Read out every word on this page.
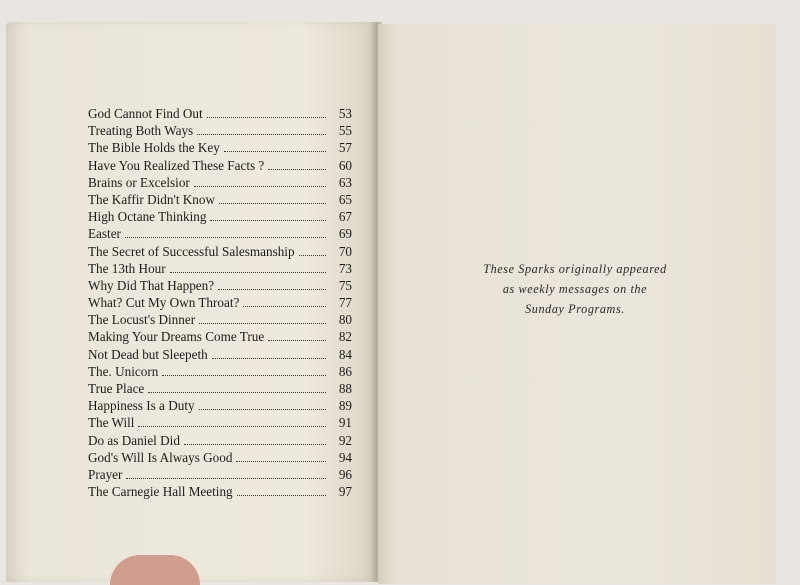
God Cannot Find Out	53
Treating Both Ways	55
The Bible Holds the Key	57
Have You Realized These Facts ?	60
Brains or Excelsior	63
The Kaffir Didn't Know	65
High Octane Thinking	67
Easter	69
The Secret of Successful Salesmanship	70
The 13th Hour	73
Why Did That Happen?	75
What? Cut My Own Throat?	77
The Locust's Dinner	80
Making Your Dreams Come True	82
Not Dead but Sleepeth	84
The. Unicorn	86
True Place	88
Happiness Is a Duty	89
The Will	91
Do as Daniel Did	92
God's Will Is Always Good	94
Prayer	96
The Carnegie Hall Meeting	97
These Sparks originally appeared
as weekly messages on the
Sunday Programs.
